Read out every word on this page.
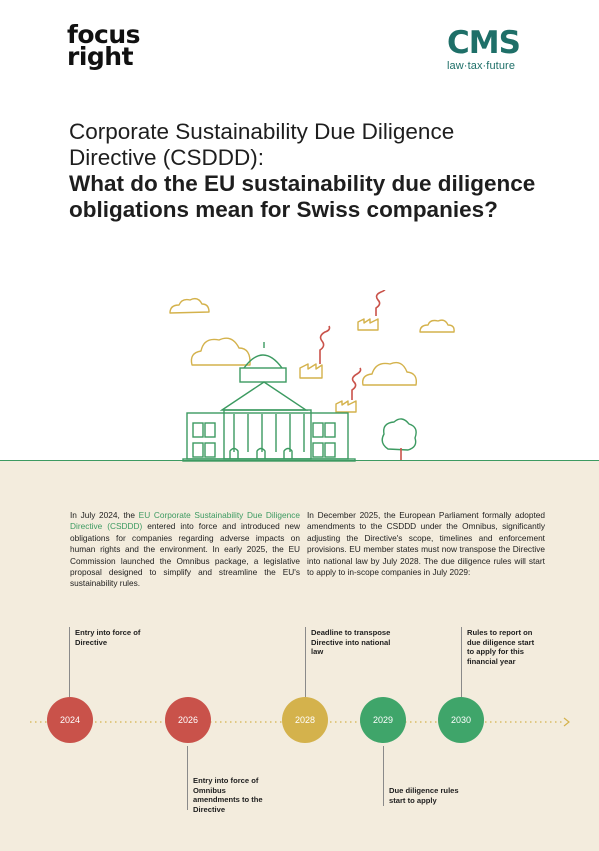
focus
right	CMS
law·tax·future
Corporate Sustainability Due Diligence
Directive (CSDDD):
What do the EU sustainability due diligence obligations mean for Swiss companies?
In July 2024, the EU Corporate Sustainability Due Diligence Directive (CSDDD) entered into force and introduced new obligations for companies regarding adverse impacts on human rights and the environment. In early 2025, the EU Commission launched the Omnibus package, a legislative proposal designed to simplify and streamline the EU's sustainability rules.
In December 2025, the European Parliament formally adopted amendments to the CSDDD under the Omnibus, significantly adjusting the Directive's scope, timelines and enforcement provisions. EU member states must now transpose the Directive into national law by July 2028. The due diligence rules will start to apply to in-scope companies in July 2029:
2024	2026	2028	2029	2030
Entry into force of Directive
Entry into force of Omnibus amendments to the Directive
Deadline to transpose Directive into national law
Due diligence rules start to apply
Rules to report on due diligence start to apply for this financial year
